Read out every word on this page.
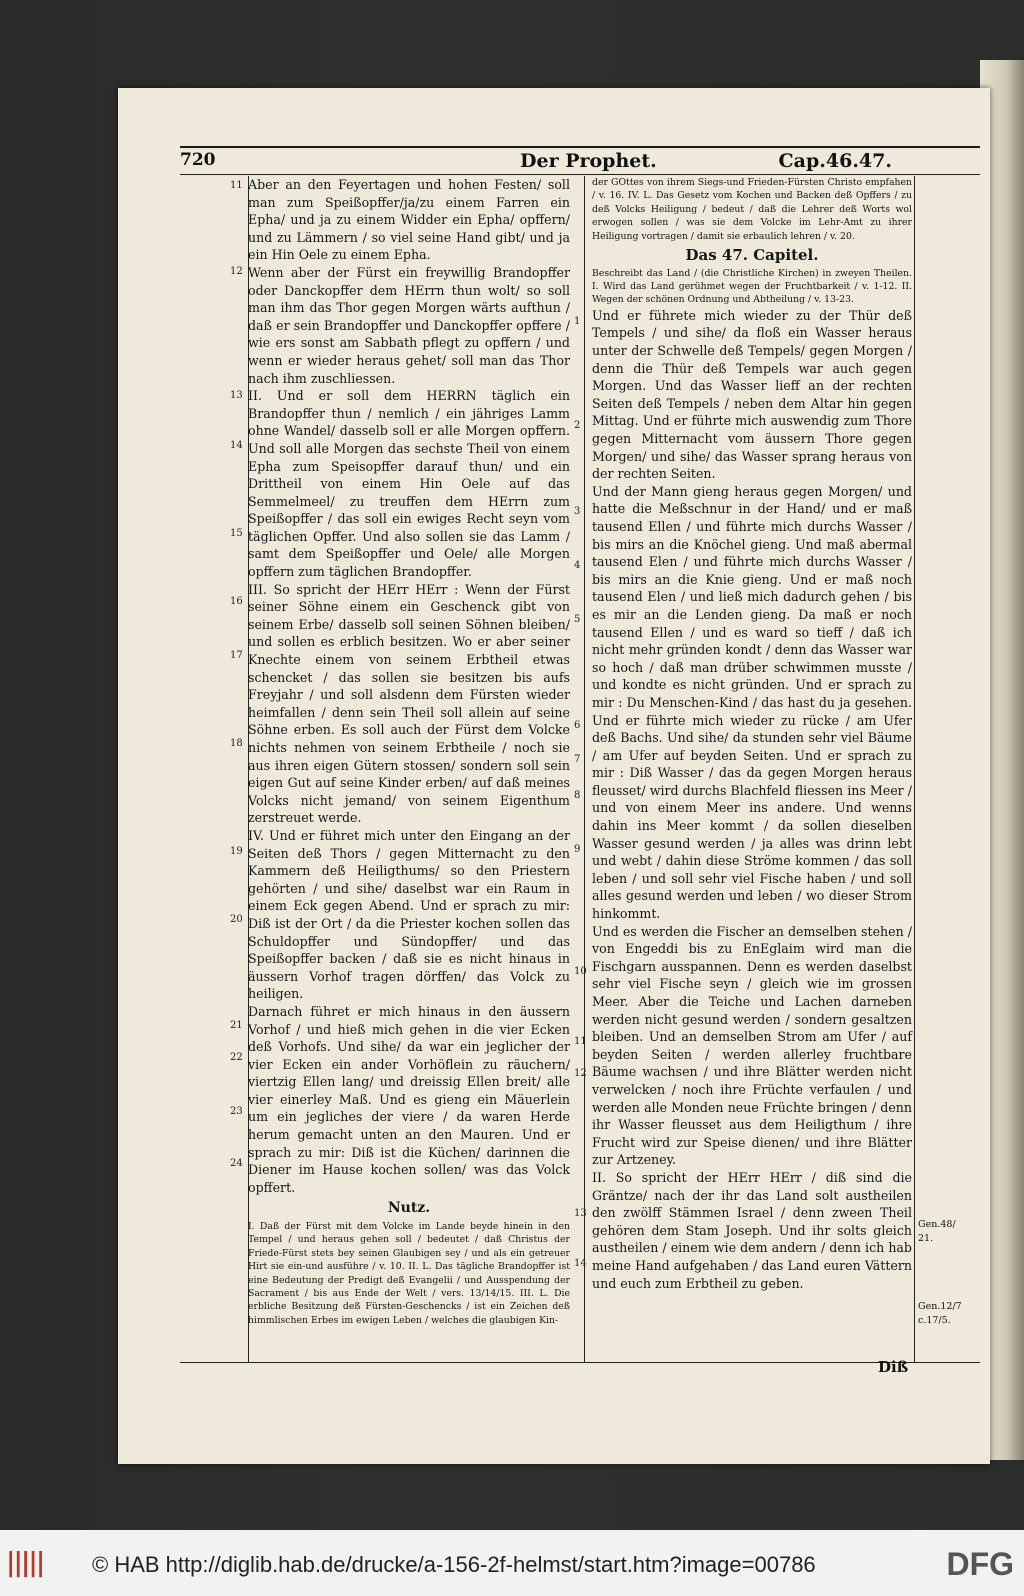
720	Der Prophet.	Cap.46.47.
11
12
13
14
15
16
17
18
19
20
21
22
23
24
1
2
3
4
5
6
7
8
9
10
11
12
13
14

Aber an den Feyertagen und hohen Festen/ soll man zum Speißopffer/ja/zu einem Farren ein Epha/ und ja zu einem Widder ein Epha/ opffern/ und zu Lämmern / so viel seine Hand gibt/ und ja ein Hin Oele zu einem Epha.

Wenn aber der Fürst ein freywillig Brandopffer oder Danckopffer dem HErrn thun wolt/ so soll man ihm das Thor gegen Morgen wärts aufthun / daß er sein Brandopffer und Danckopffer opffere / wie ers sonst am Sabbath pflegt zu opffern / und wenn er wieder heraus gehet/ soll man das Thor nach ihm zuschliessen.

II. Und er soll dem HERRN täglich ein Brandopffer thun / nemlich / ein jähriges Lamm ohne Wandel/ dasselb soll er alle Morgen opffern. Und soll alle Morgen das sechste Theil von einem Epha zum Speisopffer darauf thun/ und ein Drittheil von einem Hin Oele auf das Semmelmeel/ zu treuffen dem HErrn zum Speißopffer / das soll ein ewiges Recht seyn vom täglichen Opffer. Und also sollen sie das Lamm / samt dem Speißopffer und Oele/ alle Morgen opffern zum täglichen Brandopffer.

III. So spricht der HErr HErr : Wenn der Fürst seiner Söhne einem ein Geschenck gibt von seinem Erbe/ dasselb soll seinen Söhnen bleiben/ und sollen es erblich besitzen. Wo er aber seiner Knechte einem von seinem Erbtheil etwas schencket / das sollen sie besitzen bis aufs Freyjahr / und soll alsdenn dem Fürsten wieder heimfallen / denn sein Theil soll allein auf seine Söhne erben. Es soll auch der Fürst dem Volcke nichts nehmen von seinem Erbtheile / noch sie aus ihren eigen Gütern stossen/ sondern soll sein eigen Gut auf seine Kinder erben/ auf daß meines Volcks nicht jemand/ von seinem Eigenthum zerstreuet werde.

IV. Und er führet mich unter den Eingang an der Seiten deß Thors / gegen Mitternacht zu den Kammern deß Heiligthums/ so den Priestern gehörten / und sihe/ daselbst war ein Raum in einem Eck gegen Abend. Und er sprach zu mir: Diß ist der Ort / da die Priester kochen sollen das Schuldopffer und Sündopffer/ und das Speißopffer backen / daß sie es nicht hinaus in äussern Vorhof tragen dörffen/ das Volck zu heiligen.

Darnach führet er mich hinaus in den äussern Vorhof / und hieß mich gehen in die vier Ecken deß Vorhofs. Und sihe/ da war ein jeglicher der vier Ecken ein ander Vorhöflein zu räuchern/ viertzig Ellen lang/ und dreissig Ellen breit/ alle vier einerley Maß. Und es gieng ein Mäuerlein um ein jegliches der viere / da waren Herde herum gemacht unten an den Mauren. Und er sprach zu mir: Diß ist die Küchen/ darinnen die Diener im Hause kochen sollen/ was das Volck opffert.

Nutz.

I. Daß der Fürst mit dem Volcke im Lande beyde hinein in den Tempel / und heraus gehen soll / bedeutet / daß Christus der Friede-Fürst stets bey seinen Glaubigen sey / und als ein getreuer Hirt sie ein-und ausführe / v. 10. II. L. Das tägliche Brandopffer ist eine Bedeutung der Predigt deß Evangelii / und Ausspendung der Sacrament / bis aus Ende der Welt / vers. 13/14/15. III. L. Die erbliche Besitzung deß Fürsten-Geschencks / ist ein Zeichen deß himmlischen Erbes im ewigen Leben / welches die glaubigen Kin-

der GOttes von ihrem Siegs-und Frieden-Fürsten Christo empfahen / v. 16. IV. L. Das Gesetz vom Kochen und Backen deß Opffers / zu deß Volcks Heiligung / bedeut / daß die Lehrer deß Worts wol erwogen sollen / was sie dem Volcke im Lehr-Amt zu ihrer Heiligung vortragen / damit sie erbaulich lehren / v. 20.

Das 47. Capitel.

Beschreibt das Land / (die Christliche Kirchen) in zweyen Theilen. I. Wird das Land gerühmet wegen der Fruchtbarkeit / v. 1-12. II. Wegen der schönen Ordnung und Abtheilung / v. 13-23.

Und er führete mich wieder zu der Thür deß Tempels / und sihe/ da floß ein Wasser heraus unter der Schwelle deß Tempels/ gegen Morgen / denn die Thür deß Tempels war auch gegen Morgen. Und das Wasser lieff an der rechten Seiten deß Tempels / neben dem Altar hin gegen Mittag. Und er führte mich auswendig zum Thore gegen Mitternacht vom äussern Thore gegen Morgen/ und sihe/ das Wasser sprang heraus von der rechten Seiten.

Und der Mann gieng heraus gegen Morgen/ und hatte die Meßschnur in der Hand/ und er maß tausend Ellen / und führte mich durchs Wasser / bis mirs an die Knöchel gieng. Und maß abermal tausend Elen / und führte mich durchs Wasser / bis mirs an die Knie gieng. Und er maß noch tausend Elen / und ließ mich dadurch gehen / bis es mir an die Lenden gieng. Da maß er noch tausend Ellen / und es ward so tieff / daß ich nicht mehr gründen kondt / denn das Wasser war so hoch / daß man drüber schwimmen musste / und kondte es nicht gründen. Und er sprach zu mir : Du Menschen-Kind / das hast du ja gesehen. Und er führte mich wieder zu rücke / am Ufer deß Bachs. Und sihe/ da stunden sehr viel Bäume / am Ufer auf beyden Seiten. Und er sprach zu mir : Diß Wasser / das da gegen Morgen heraus fleusset/ wird durchs Blachfeld fliessen ins Meer / und von einem Meer ins andere. Und wenns dahin ins Meer kommt / da sollen dieselben Wasser gesund werden / ja alles was drinn lebt und webt / dahin diese Ströme kommen / das soll leben / und soll sehr viel Fische haben / und soll alles gesund werden und leben / wo dieser Strom hinkommt.

Und es werden die Fischer an demselben stehen / von Engeddi bis zu EnEglaim wird man die Fischgarn ausspannen. Denn es werden daselbst sehr viel Fische seyn / gleich wie im grossen Meer. Aber die Teiche und Lachen darneben werden nicht gesund werden / sondern gesaltzen bleiben. Und an demselben Strom am Ufer / auf beyden Seiten / werden allerley fruchtbare Bäume wachsen / und ihre Blätter werden nicht verwelcken / noch ihre Früchte verfaulen / und werden alle Monden neue Früchte bringen / denn ihr Wasser fleusset aus dem Heiligthum / ihre Frucht wird zur Speise dienen/ und ihre Blätter zur Artzeney.

II. So spricht der HErr HErr / diß sind die Gräntze/ nach der ihr das Land solt austheilen den zwölff Stämmen Israel / denn zween Theil gehören dem Stam Joseph. Und ihr solts gleich austheilen / einem wie dem andern / denn ich hab meine Hand aufgehaben / das Land euren Vättern und euch zum Erbtheil zu geben.

Gen.48/ 21.
Gen.12/7 c.17/5.
Diß
||||| © HAB http://diglib.hab.de/drucke/a-156-2f-helmst/start.htm?image=00786	DFG
